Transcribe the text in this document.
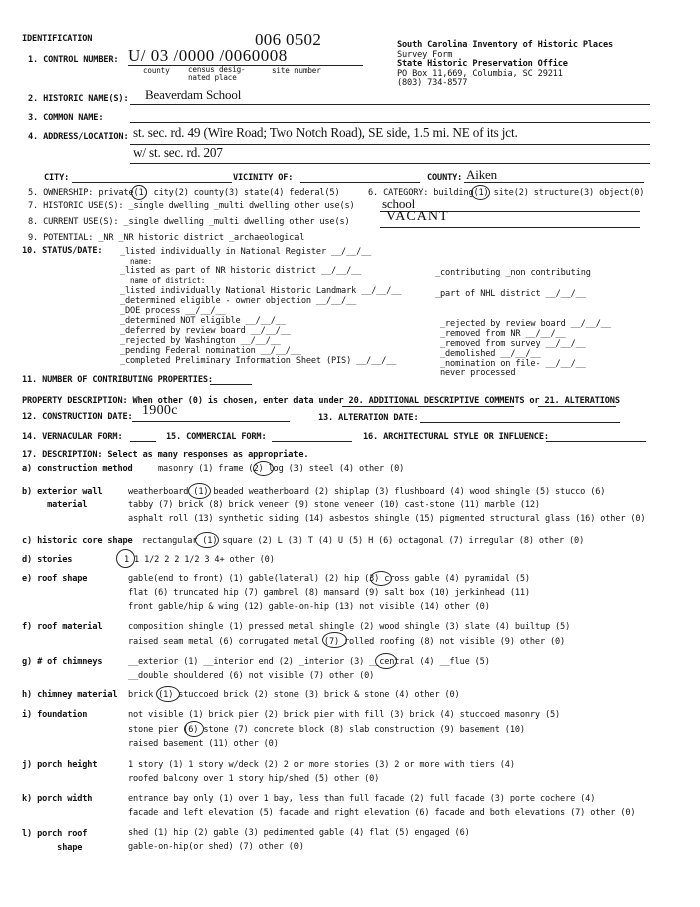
IDENTIFICATION
1. CONTROL NUMBER:
006 0502
U/ 03 /0000 /0060008
county census desig-
nated place
site number
South Carolina Inventory of Historic Places
Survey Form
State Historic Preservation Office
PO Box 11,669, Columbia, SC 29211
(803) 734-8577
2. HISTORIC NAME(S): Beaverdam School
3. COMMON NAME:
4. ADDRESS/LOCATION: st. sec. rd. 49 (Wire Road; Two Notch Road), SE side, 1.5 mi. NE of its jct.
w/ st. sec. rd. 207
CITY:	VICINITY OF:	COUNTY: Aiken
5. OWNERSHIP: private(1) city(2) county(3) state(4) federal(5)	6. CATEGORY: building(1) site(2) structure(3) object(0)
7. HISTORIC USE(S): _single dwelling _multi dwelling other use(s) school
8. CURRENT USE(S): _single dwelling _multi dwelling other use(s)	VACANT
9. POTENTIAL: _NR _NR historic district _archaeological
10. STATUS/DATE: _listed individually in National Register __/__/__
name:
_listed as part of NR historic district __/__/__
name of district:
_listed individually National Historic Landmark __/__/__
_determined eligible - owner objection __/__/__
_DOE process __/__/__
_determined NOT eligible __/__/__
_deferred by review board __/__/__
_rejected by Washington __/__/__
_pending Federal nomination __/__/__
_completed Preliminary Information Sheet (PIS) __/__/__
_contributing _non contributing
_part of NHL district __/__/__
_rejected by review board __/__/__
_removed from NR __/__/__
_removed from survey __/__/__
_demolished __/__/__
_nomination on file- __/__/__
never processed
11. NUMBER OF CONTRIBUTING PROPERTIES:
PROPERTY DESCRIPTION: When other (0) is chosen, enter data under 20. ADDITIONAL DESCRIPTIVE COMMENTS or 21. ALTERATIONS
12. CONSTRUCTION DATE: 1900c	13. ALTERATION DATE:
14. VERNACULAR FORM:	15. COMMERCIAL FORM:	16. ARCHITECTURAL STYLE OR INFLUENCE:
17. DESCRIPTION: Select as many responses as appropriate.
a) construction method	masonry (1) frame (2) log (3) steel (4) other (0)
b) exterior wall
material
weatherboard (1) beaded weatherboard (2) shiplap (3) flushboard (4) wood shingle (5) stucco (6)
tabby (7) brick (8) brick veneer (9) stone veneer (10) cast-stone (11) marble (12)
asphalt roll (13) synthetic siding (14) asbestos shingle (15) pigmented structural glass (16) other (0)
c) historic core shape rectangular (1) square (2) L (3) T (4) U (5) H (6) octagonal (7) irregular (8) other (0)
d) stories	1 1 1/2 2 2 1/2 3 4+ other (0)
e) roof shape	gable(end to front) (1) gable(lateral) (2) hip (3) cross gable (4) pyramidal (5)
flat (6) truncated hip (7) gambrel (8) mansard (9) salt box (10) jerkinhead (11)
front gable/hip & wing (12) gable-on-hip (13) not visible (14) other (0)
f) roof material	composition shingle (1) pressed metal shingle (2) wood shingle (3) slate (4) builtup (5)
raised seam metal (6) corrugated metal (7) rolled roofing (8) not visible (9) other (0)
g) # of chimneys	__exterior (1) __interior end (2) _interior (3) __central (4) __flue (5)
__double shouldered (6) not visible (7) other (0)
h) chimney material brick (1) stuccoed brick (2) stone (3) brick & stone (4) other (0)
i) foundation	not visible (1) brick pier (2) brick pier with fill (3) brick (4) stuccoed masonry (5)
stone pier (6) stone (7) concrete block (8) slab construction (9) basement (10)
raised basement (11) other (0)
j) porch height	1 story (1) 1 story w/deck (2) 2 or more stories (3) 2 or more with tiers (4)
roofed balcony over 1 story hip/shed (5) other (0)
k) porch width	entrance bay only (1) over 1 bay, less than full facade (2) full facade (3) porte cochere (4)
facade and left elevation (5) facade and right elevation (6) facade and both elevations (7) other (0)
l) porch roof
shape
shed (1) hip (2) gable (3) pedimented gable (4) flat (5) engaged (6)
gable-on-hip(or shed) (7) other (0)
